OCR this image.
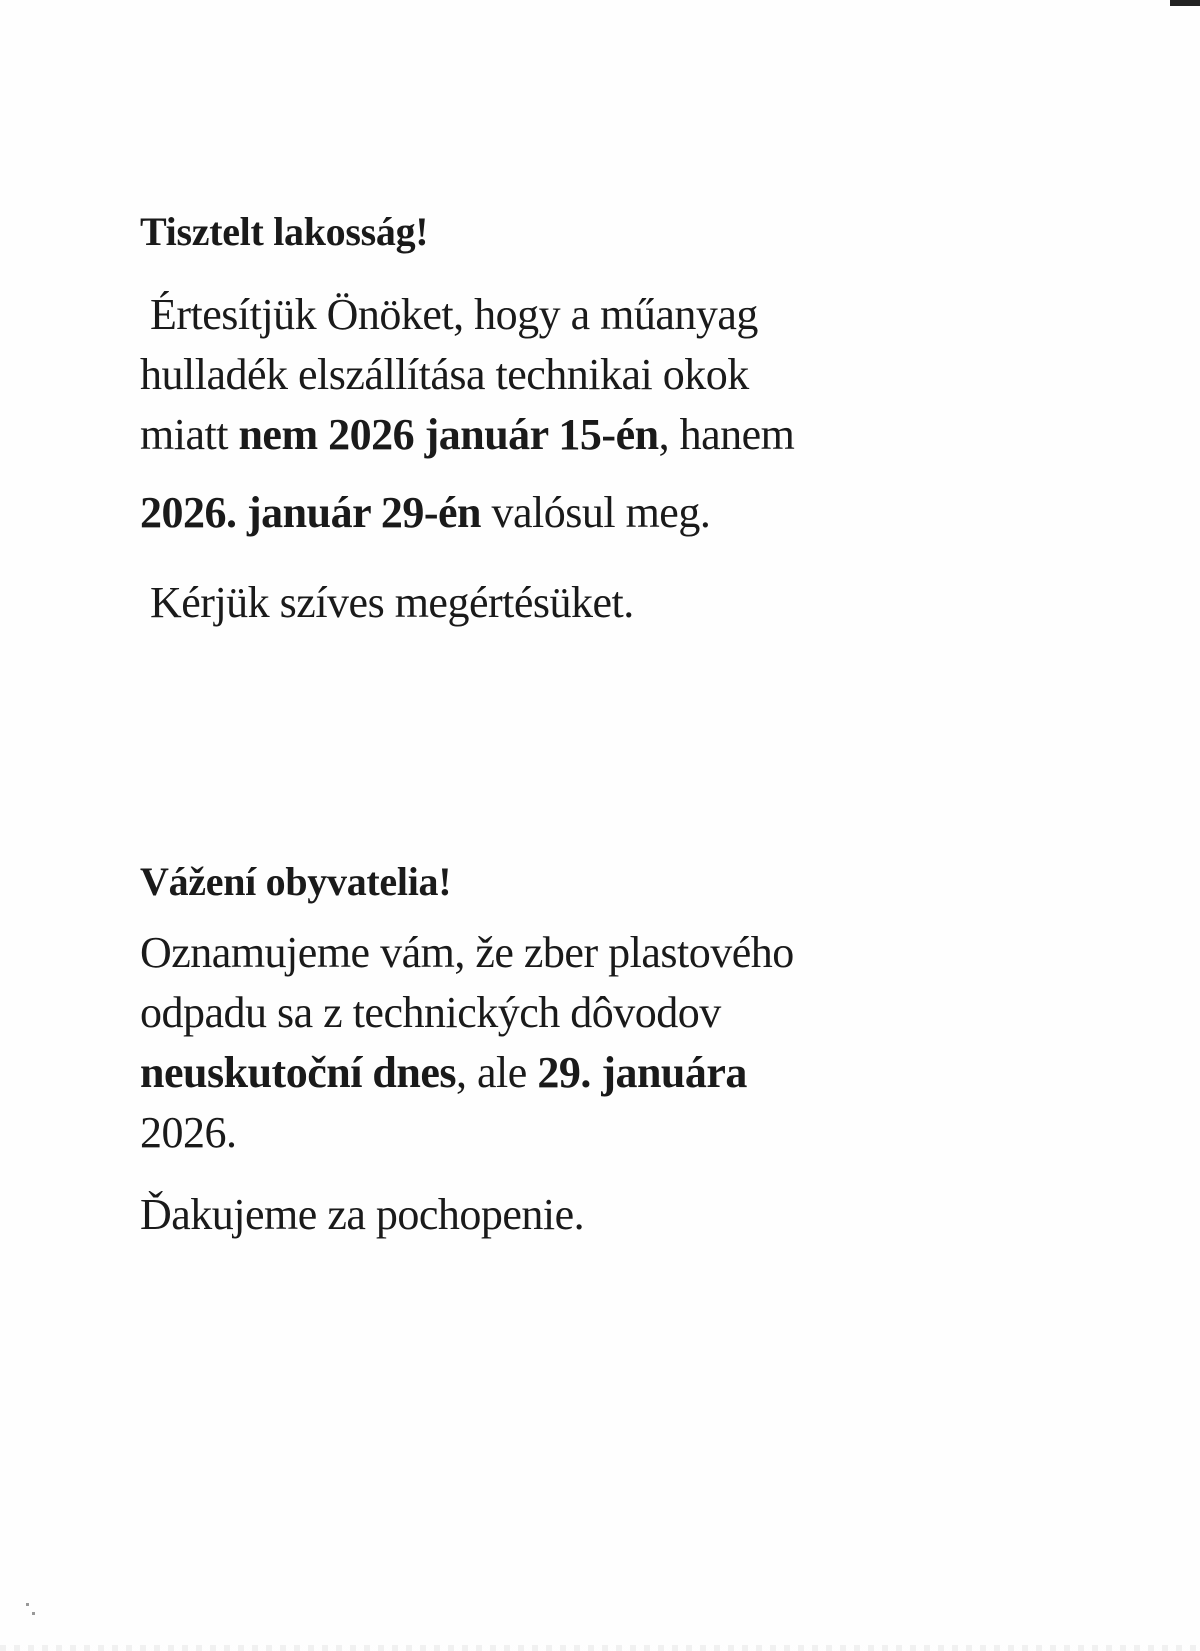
Tisztelt lakosság!

Értesítjük Önöket, hogy a műanyag

hulladék elszállítása technikai okok

miatt nem 2026 január 15-én, hanem

2026. január 29-én valósul meg.

Kérjük szíves megértésüket.

Vážení obyvatelia!

Oznamujeme vám, že zber plastového

odpadu sa z technických dôvodov

neuskutoční dnes, ale 29. januára

2026.

Ďakujeme za pochopenie.
